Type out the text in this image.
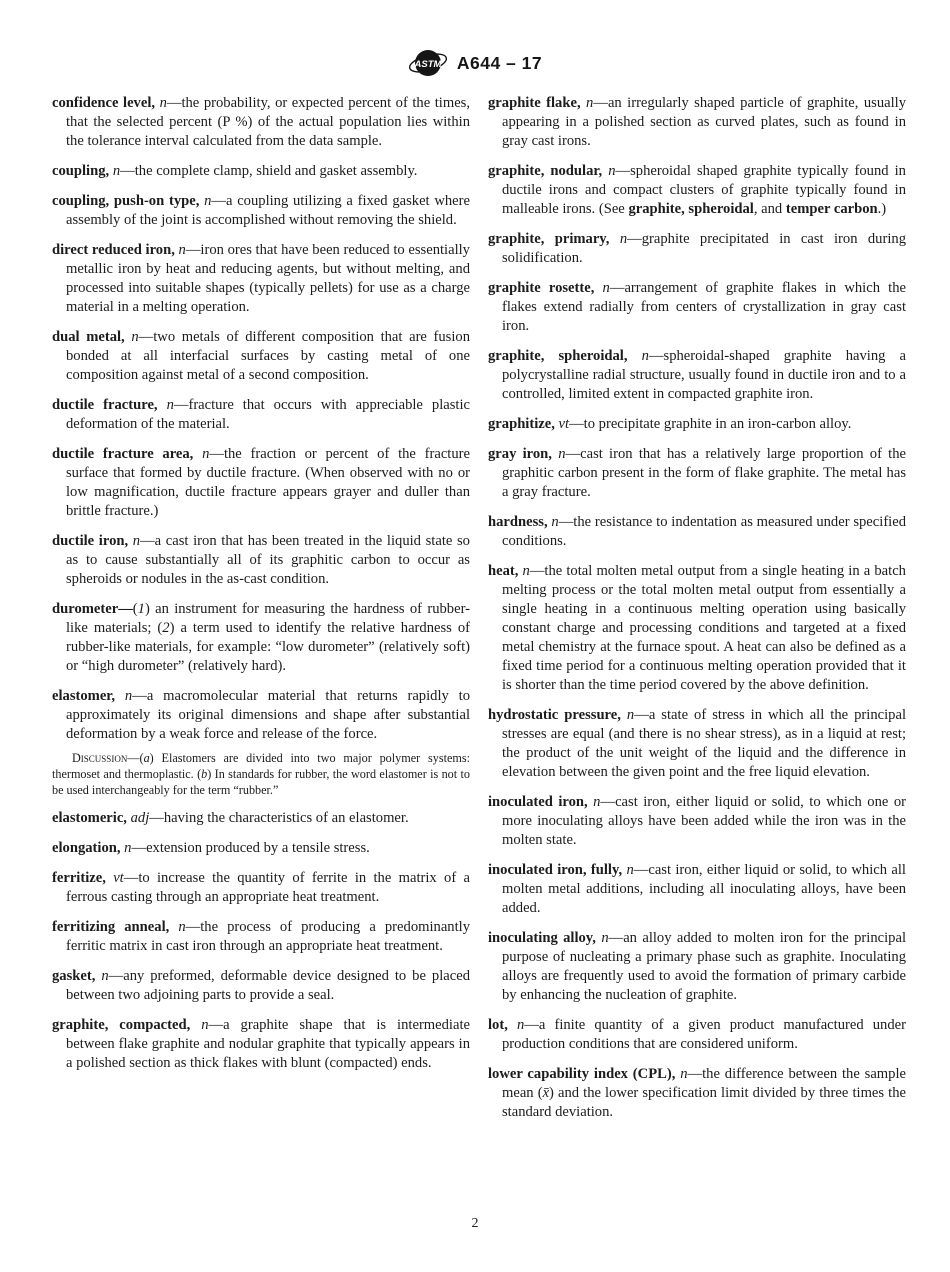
ASTM A644 – 17

confidence level, n—the probability, or expected percent of the times, that the selected percent (P %) of the actual population lies within the tolerance interval calculated from the data sample.

coupling, n—the complete clamp, shield and gasket assembly.

coupling, push-on type, n—a coupling utilizing a fixed gasket where assembly of the joint is accomplished without removing the shield.

direct reduced iron, n—iron ores that have been reduced to essentially metallic iron by heat and reducing agents, but without melting, and processed into suitable shapes (typically pellets) for use as a charge material in a melting operation.

dual metal, n—two metals of different composition that are fusion bonded at all interfacial surfaces by casting metal of one composition against metal of a second composition.

ductile fracture, n—fracture that occurs with appreciable plastic deformation of the material.

ductile fracture area, n—the fraction or percent of the fracture surface that formed by ductile fracture. (When observed with no or low magnification, ductile fracture appears grayer and duller than brittle fracture.)

ductile iron, n—a cast iron that has been treated in the liquid state so as to cause substantially all of its graphitic carbon to occur as spheroids or nodules in the as-cast condition.

durometer—(1) an instrument for measuring the hardness of rubber-like materials; (2) a term used to identify the relative hardness of rubber-like materials, for example: “low durometer” (relatively soft) or “high durometer” (relatively hard).

elastomer, n—a macromolecular material that returns rapidly to approximately its original dimensions and shape after substantial deformation by a weak force and release of the force.

Discussion—(a) Elastomers are divided into two major polymer systems: thermoset and thermoplastic. (b) In standards for rubber, the word elastomer is not to be used interchangeably for the term “rubber.”

elastomeric, adj—having the characteristics of an elastomer.

elongation, n—extension produced by a tensile stress.

ferritize, vt—to increase the quantity of ferrite in the matrix of a ferrous casting through an appropriate heat treatment.

ferritizing anneal, n—the process of producing a predominantly ferritic matrix in cast iron through an appropriate heat treatment.

gasket, n—any preformed, deformable device designed to be placed between two adjoining parts to provide a seal.

graphite, compacted, n—a graphite shape that is intermediate between flake graphite and nodular graphite that typically appears in a polished section as thick flakes with blunt (compacted) ends.

graphite flake, n—an irregularly shaped particle of graphite, usually appearing in a polished section as curved plates, such as found in gray cast irons.

graphite, nodular, n—spheroidal shaped graphite typically found in ductile irons and compact clusters of graphite typically found in malleable irons. (See graphite, spheroidal, and temper carbon.)

graphite, primary, n—graphite precipitated in cast iron during solidification.

graphite rosette, n—arrangement of graphite flakes in which the flakes extend radially from centers of crystallization in gray cast iron.

graphite, spheroidal, n—spheroidal-shaped graphite having a polycrystalline radial structure, usually found in ductile iron and to a controlled, limited extent in compacted graphite iron.

graphitize, vt—to precipitate graphite in an iron-carbon alloy.

gray iron, n—cast iron that has a relatively large proportion of the graphitic carbon present in the form of flake graphite. The metal has a gray fracture.

hardness, n—the resistance to indentation as measured under specified conditions.

heat, n—the total molten metal output from a single heating in a batch melting process or the total molten metal output from essentially a single heating in a continuous melting operation using basically constant charge and processing conditions and targeted at a fixed metal chemistry at the furnace spout. A heat can also be defined as a fixed time period for a continuous melting operation provided that it is shorter than the time period covered by the above definition.

hydrostatic pressure, n—a state of stress in which all the principal stresses are equal (and there is no shear stress), as in a liquid at rest; the product of the unit weight of the liquid and the difference in elevation between the given point and the free liquid elevation.

inoculated iron, n—cast iron, either liquid or solid, to which one or more inoculating alloys have been added while the iron was in the molten state.

inoculated iron, fully, n—cast iron, either liquid or solid, to which all molten metal additions, including all inoculating alloys, have been added.

inoculating alloy, n—an alloy added to molten iron for the principal purpose of nucleating a primary phase such as graphite. Inoculating alloys are frequently used to avoid the formation of primary carbide by enhancing the nucleation of graphite.

lot, n—a finite quantity of a given product manufactured under production conditions that are considered uniform.

lower capability index (CPL), n—the difference between the sample mean (x̄) and the lower specification limit divided by three times the standard deviation.

2
